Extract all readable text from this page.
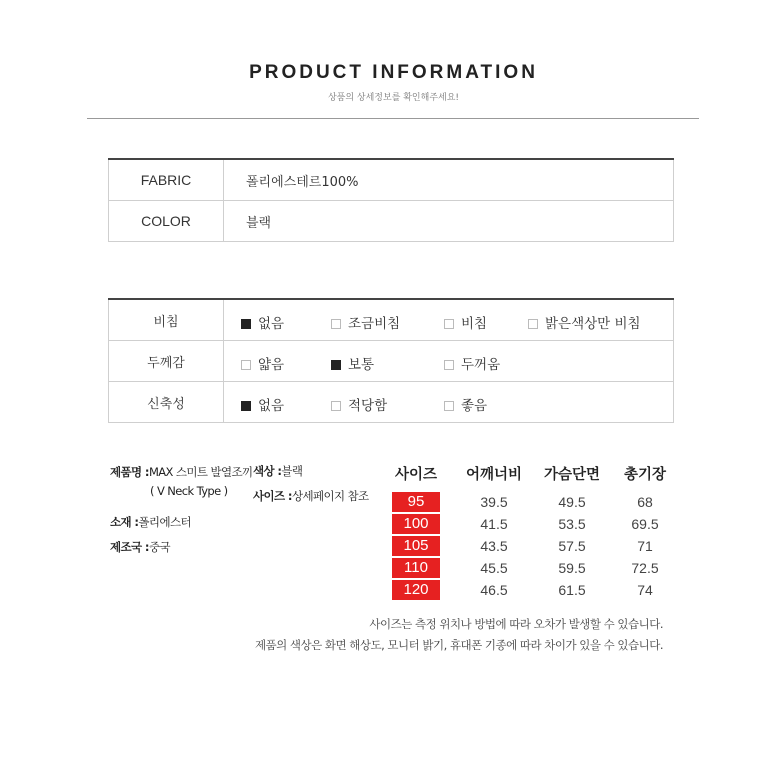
PRODUCT INFORMATION
상품의 상세정보를 확인해주세요!
FABRIC	폴리에스테르100%
COLOR	블랙
비침	없음 조금비침 비침 밝은색상만 비침

두께감	얇음 보통 두꺼움

신축성	없음 적당함 좋음
제품명 :MAX 스미트 발열조끼
( V Neck Type )
소재 :폴리에스터
제조국 :중국
색상 :블랙
사이즈 :상세페이지 참조
사이즈	어깨너비	가슴단면	총기장
95	39.5	49.5	68
100	41.5	53.5	69.5
105	43.5	57.5	71
110	45.5	59.5	72.5
120	46.5	61.5	74
사이즈는 측정 위치나 방법에 따라 오차가 발생할 수 있습니다.
제품의 색상은 화면 해상도, 모니터 밝기, 휴대폰 기종에 따라 차이가 있을 수 있습니다.
